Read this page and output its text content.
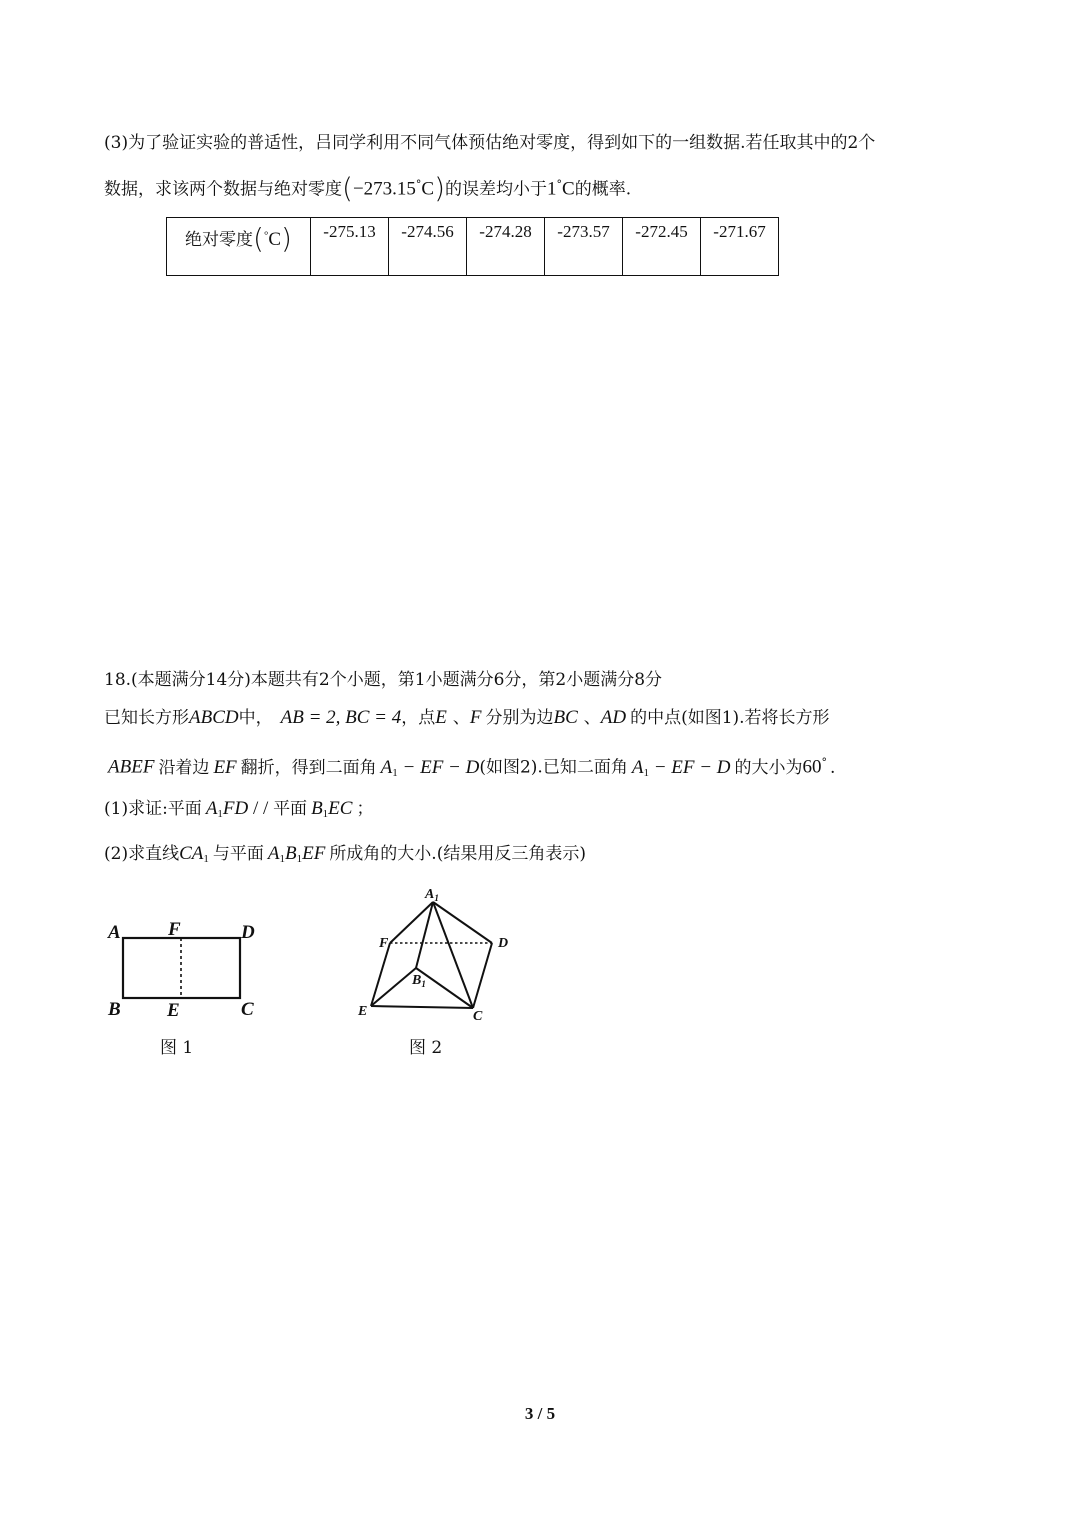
(3)为了验证实验的普适性，吕同学利用不同气体预估绝对零度，得到如下的一组数据.若任取其中的2个
数据，求该两个数据与绝对零度(−273.15°C)的误差均小于1°C的概率.
绝对零度(°C)	-275.13	-274.56	-274.28	-273.57	-272.45	-271.67
18.(本题满分14分)本题共有2个小题，第1小题满分6分，第2小题满分8分
已知长方形ABCD中， AB = 2, BC = 4，点E 、F 分别为边BC 、AD 的中点(如图1).若将长方形
ABEF 沿着边 EF 翻折，得到二面角 $A_1$ − EF − D(如图2).已知二面角 $A_1$ − EF − D 的大小为60° .
(1)求证:平面 $A_1FD$ / / 平面 $B_1EC$ ；
(2)求直线$CA_1$ 与平面 $A_1B_1EF$ 所成角的大小.(结果用反三角表示)
A F	D
B E	C
图 1
$A_1$
F	D
$B_1$
E	C
图 2
3 / 5
